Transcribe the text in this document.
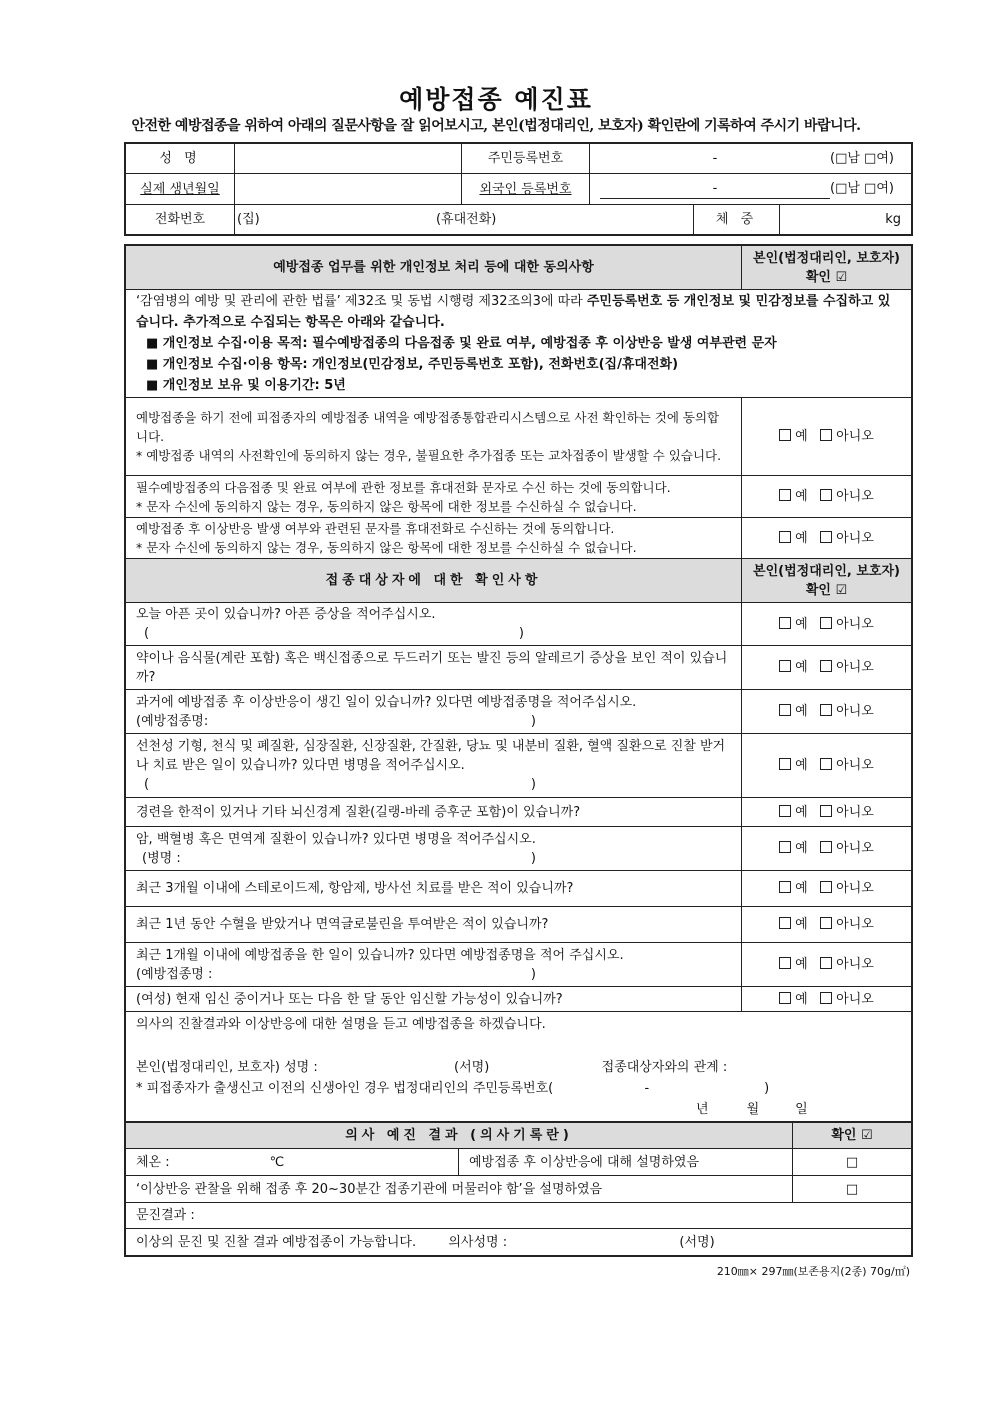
예방접종 예진표
안전한 예방접종을 위하여 아래의 질문사항을 잘 읽어보시고, 본인(법정대리인, 보호자) 확인란에 기록하여 주시기 바랍니다.
성 명		주민등록번호	- (□남 □여)		
실제 생년월일		외국인 등록번호	- (□남 □여)		
전화번호	(집) (휴대전화)			체 중	kg
예방접종 업무를 위한 개인정보 처리 등에 대한 동의사항	본인(법정대리인, 보호자)
확인 ☑

‘감염병의 예방 및 관리에 관한 법률’ 제32조 및 동법 시행령 제32조의3에 따라 주민등록번호 등 개인정보 및 민감정보를 수집하고 있습니다. 추가적으로 수집되는 항목은 아래와 같습니다.
■ 개인정보 수집·이용 목적: 필수예방접종의 다음접종 및 완료 여부, 예방접종 후 이상반응 발생 여부관련 문자
■ 개인정보 수집·이용 항목: 개인정보(민감정보, 주민등록번호 포함), 전화번호(집/휴대전화)
■ 개인정보 보유 및 이용기간: 5년	

예방접종을 하기 전에 피접종자의 예방접종 내역을 예방접종통합관리시스템으로 사전 확인하는 것에 동의합니다.
* 예방접종 내역의 사전확인에 동의하지 않는 경우, 불필요한 추가접종 또는 교차접종이 발생할 수 있습니다.	예 아니오

필수예방접종의 다음접종 및 완료 여부에 관한 정보를 휴대전화 문자로 수신 하는 것에 동의합니다.
* 문자 수신에 동의하지 않는 경우, 동의하지 않은 항목에 대한 정보를 수신하실 수 없습니다.	예 아니오

예방접종 후 이상반응 발생 여부와 관련된 문자를 휴대전화로 수신하는 것에 동의합니다.
* 문자 수신에 동의하지 않는 경우, 동의하지 않은 항목에 대한 정보를 수신하실 수 없습니다.	예 아니오
접종대상자에 대한 확인사항	본인(법정대리인, 보호자)
확인 ☑

오늘 아픈 곳이 있습니까? 아픈 증상을 적어주십시오.
( )	예 아니오

약이나 음식물(계란 포함) 혹은 백신접종으로 두드러기 또는 발진 등의 알레르기 증상을 보인 적이 있습니까?	예 아니오

과거에 예방접종 후 이상반응이 생긴 일이 있습니까? 있다면 예방접종명을 적어주십시오.
(예방접종명: )	예 아니오

선천성 기형, 천식 및 폐질환, 심장질환, 신장질환, 간질환, 당뇨 및 내분비 질환, 혈액 질환으로 진찰 받거나 치료 받은 일이 있습니까? 있다면 병명을 적어주십시오.
( )	예 아니오

경련을 한적이 있거나 기타 뇌신경계 질환(길랭-바레 증후군 포함)이 있습니까?	예 아니오

암, 백혈병 혹은 면역계 질환이 있습니까? 있다면 병명을 적어주십시오.
(병명 : )	예 아니오

최근 3개월 이내에 스테로이드제, 항암제, 방사선 치료를 받은 적이 있습니까?	예 아니오

최근 1년 동안 수혈을 받았거나 면역글로불린을 투여받은 적이 있습니까?	예 아니오

최근 1개월 이내에 예방접종을 한 일이 있습니까? 있다면 예방접종명을 적어 주십시오.
(예방접종명 : )	예 아니오

(여성) 현재 임신 중이거나 또는 다음 한 달 동안 임신할 가능성이 있습니까?	예 아니오

의사의 진찰결과와 이상반응에 대한 설명을 듣고 예방접종을 하겠습니다.
본인(법정대리인, 보호자) 성명 : (서명) 접종대상자와의 관계 :
* 피접종자가 출생신고 이전의 신생아인 경우 법정대리인의 주민등록번호( - )
년 월 일	
의사 예진 결과 (의사기록란)		확인 ☑
체온 : ℃	예방접종 후 이상반응에 대해 설명하였음	□
‘이상반응 관찰을 위해 접종 후 20~30분간 접종기관에 머물러야 함’을 설명하였음		□
문진결과 :		
이상의 문진 및 진찰 결과 예방접종이 가능합니다. 의사성명 : (서명)		
210㎜× 297㎜(보존용지(2종) 70g/㎡)
